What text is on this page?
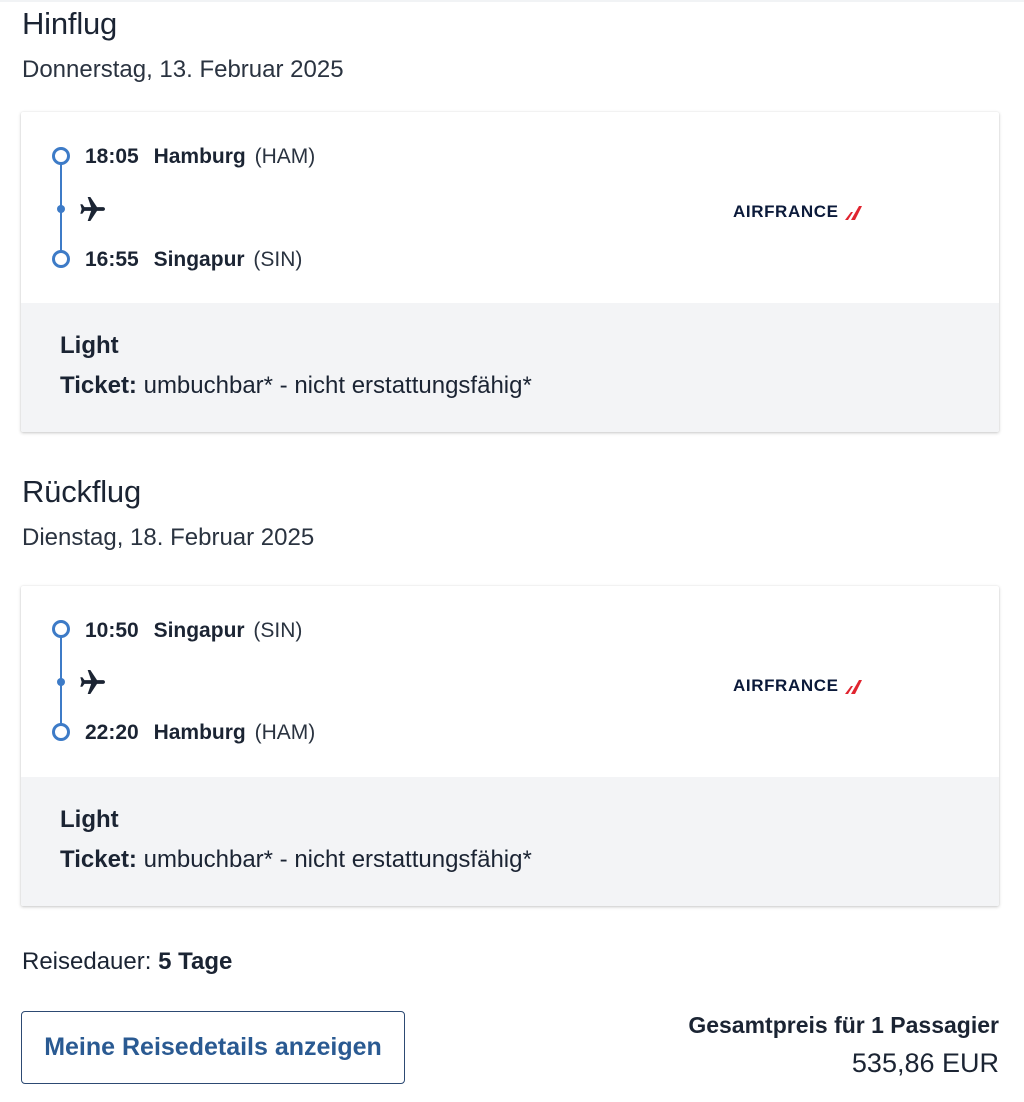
Hinflug
Donnerstag, 13. Februar 2025
18:05 Hamburg (HAM)
16:55 Singapur (SIN)
AIRFRANCE
Light
Ticket: umbuchbar* - nicht erstattungsfähig*
Rückflug
Dienstag, 18. Februar 2025
10:50 Singapur (SIN)
22:20 Hamburg (HAM)
AIRFRANCE
Light
Ticket: umbuchbar* - nicht erstattungsfähig*
Reisedauer: 5 Tage
Meine Reisedetails anzeigen
Gesamtpreis für 1 Passagier
535,86 EUR
